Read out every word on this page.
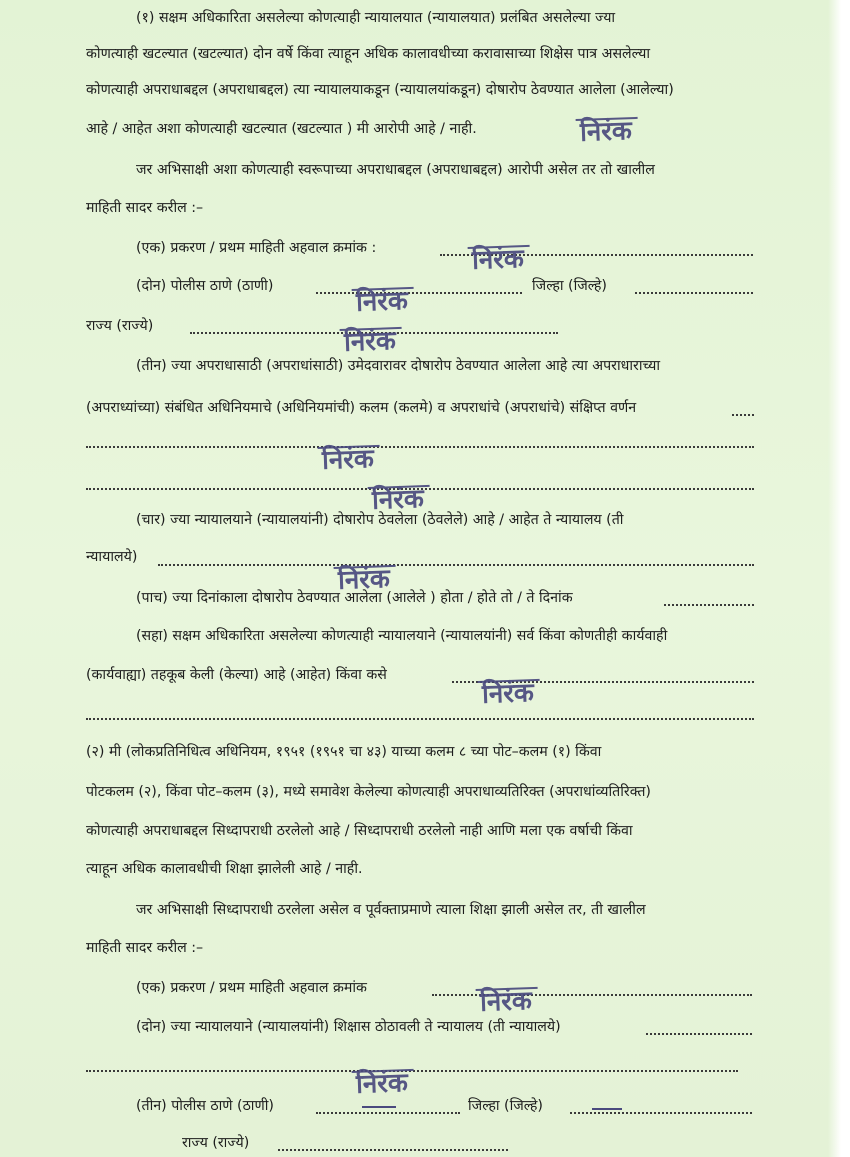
(१) सक्षम अधिकारिता असलेल्या कोणत्याही न्यायालयात (न्यायालयात) प्रलंबित असलेल्या ज्या
कोणत्याही खटल्यात (खटल्यात) दोन वर्षे किंवा त्याहून अधिक कालावधीच्या करावासाच्या शिक्षेस पात्र असलेल्या
कोणत्याही अपराधाबद्दल (अपराधाबद्दल) त्या न्यायालयाकडून (न्यायालयांकडून) दोषारोप ठेवण्यात आलेला (आलेल्या)
आहे / आहेत अशा कोणत्याही खटल्यात (खटल्यात ) मी आरोपी आहे / नाही.	निरंक
जर अभिसाक्षी अशा कोणत्याही स्वरूपाच्या अपराधाबद्दल (अपराधाबद्दल) आरोपी असेल तर तो खालील
माहिती सादर करील :–
(एक) प्रकरण / प्रथम माहिती अहवाल क्रमांक :	निरंक
(दोन) पोलीस ठाणे (ठाणी)	जिल्हा (जिल्हे)
निरंक
राज्य (राज्ये)
निरंक
(तीन) ज्या अपराधासाठी (अपराधांसाठी) उमेदवारावर दोषारोप ठेवण्यात आलेला आहे त्या अपराधाराच्या
(अपराध्यांच्या) संबंधित अधिनियमाचे (अधिनियमांची) कलम (कलमे) व अपराधांचे (अपराधांचे) संक्षिप्त वर्णन
निरंक
निरंक
(चार) ज्या न्यायालयाने (न्यायालयांनी) दोषारोप ठेवलेला (ठेवलेले) आहे / आहेत ते न्यायालय (ती
न्यायालये)
निरंक
(पाच) ज्या दिनांकाला दोषारोप ठेवण्यात आलेला (आलेले ) होता / होते तो / ते दिनांक
(सहा) सक्षम अधिकारिता असलेल्या कोणत्याही न्यायालयाने (न्यायालयांनी) सर्व किंवा कोणतीही कार्यवाही
(कार्यवाह्या) तहकूब केली (केल्या) आहे (आहेत) किंवा कसे
निरंक
(२) मी (लोकप्रतिनिधित्व अधिनियम, १९५१ (१९५१ चा ४३) याच्या कलम ८ च्या पोट–कलम (१) किंवा
पोटकलम (२), किंवा पोट–कलम (३), मध्ये समावेश केलेल्या कोणत्याही अपराधाव्यतिरिक्त (अपराधांव्यतिरिक्त)
कोणत्याही अपराधाबद्दल सिध्दापराधी ठरलेलो आहे / सिध्दापराधी ठरलेलो नाही आणि मला एक वर्षाची किंवा
त्याहून अधिक कालावधीची शिक्षा झालेली आहे / नाही.
जर अभिसाक्षी सिध्दापराधी ठरलेला असेल व पूर्वक्ताप्रमाणे त्याला शिक्षा झाली असेल तर, ती खालील
माहिती सादर करील :–
(एक) प्रकरण / प्रथम माहिती अहवाल क्रमांक	निरंक
(दोन) ज्या न्यायालयाने (न्यायालयांनी) शिक्षास ठोठावली ते न्यायालय (ती न्यायालये)
निरंक
(तीन) पोलीस ठाणे (ठाणी)	जिल्हा (जिल्हे)
राज्य (राज्ये)
